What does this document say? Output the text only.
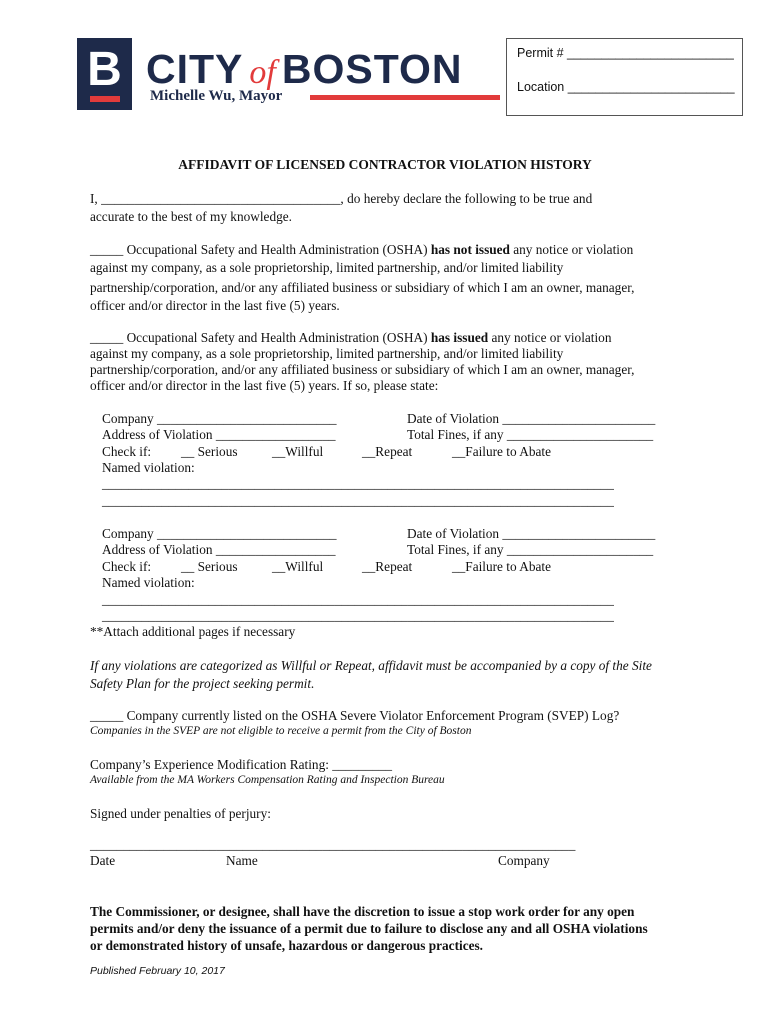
B CITY of BOSTON
Michelle Wu, Mayor
Permit # ________________________
Location ________________________
AFFIDAVIT OF LICENSED CONTRACTOR VIOLATION HISTORY
I, ____________________________________, do hereby declare the following to be true and
accurate to the best of my knowledge.
_____ Occupational Safety and Health Administration (OSHA) has not issued any notice or violation
against my company, as a sole proprietorship, limited partnership, and/or limited liability
partnership/corporation, and/or any affiliated business or subsidiary of which I am an owner, manager,
officer and/or director in the last five (5) years.
_____ Occupational Safety and Health Administration (OSHA) has issued any notice or violation
against my company, as a sole proprietorship, limited partnership, and/or limited liability
partnership/corporation, and/or any affiliated business or subsidiary of which I am an owner, manager,
officer and/or director in the last five (5) years. If so, please state:
Company ___________________________	Date of Violation _______________________
Address of Violation __________________	Total Fines, if any ______________________
Check if: __ Serious	__Willful	__Repeat	__Failure to Abate
Named violation:
_____________________________________________________________________________
_____________________________________________________________________________
Company ___________________________	Date of Violation _______________________
Address of Violation __________________	Total Fines, if any ______________________
Check if: __ Serious	__Willful	__Repeat	__Failure to Abate
Named violation:
_____________________________________________________________________________
_____________________________________________________________________________
**Attach additional pages if necessary
If any violations are categorized as Willful or Repeat, affidavit must be accompanied by a copy of the Site
Safety Plan for the project seeking permit.
_____ Company currently listed on the OSHA Severe Violator Enforcement Program (SVEP) Log?
Companies in the SVEP are not eligible to receive a permit from the City of Boston
Company’s Experience Modification Rating: _________
Available from the MA Workers Compensation Rating and Inspection Bureau
Signed under penalties of perjury:
_________________________________________________________________________
Date	Name	Company
The Commissioner, or designee, shall have the discretion to issue a stop work order for any open
permits and/or deny the issuance of a permit due to failure to disclose any and all OSHA violations
or demonstrated history of unsafe, hazardous or dangerous practices.
Published February 10, 2017
